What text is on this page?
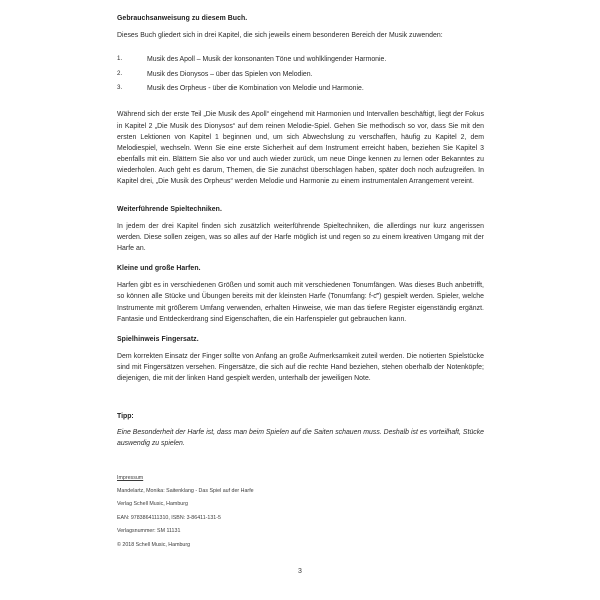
Gebrauchsanweisung zu diesem Buch.

Dieses Buch gliedert sich in drei Kapitel, die sich jeweils einem besonderen Bereich der Musik zuwenden:

1.	Musik des Apoll – Musik der konsonanten Töne und wohlklingender Harmonie.
2.	Musik des Dionysos – über das Spielen von Melodien.
3.	Musik des Orpheus - über die Kombination von Melodie und Harmonie.

Während sich der erste Teil „Die Musik des Apoll“ eingehend mit Harmonien und Intervallen beschäftigt, liegt der Fokus in Kapitel 2 „Die Musik des Dionysos“ auf dem reinen Melodie-Spiel. Gehen Sie methodisch so vor, dass Sie mit den ersten Lektionen von Kapitel 1 beginnen und, um sich Abwechslung zu verschaffen, häufig zu Kapitel 2, dem Melodiespiel, wechseln. Wenn Sie eine erste Sicherheit auf dem Instrument erreicht haben, beziehen Sie Kapitel 3 ebenfalls mit ein. Blättern Sie also vor und auch wieder zurück, um neue Dinge kennen zu lernen oder Bekanntes zu wiederholen. Auch geht es darum, Themen, die Sie zunächst überschlagen haben, später doch noch aufzugreifen. In Kapitel drei, „Die Musik des Orpheus“ werden Melodie und Harmonie zu einem instrumentalen Arrangement vereint.

Weiterführende Spieltechniken.

In jedem der drei Kapitel finden sich zusätzlich weiterführende Spieltechniken, die allerdings nur kurz angerissen werden. Diese sollen zeigen, was so alles auf der Harfe möglich ist und regen so zu einem kreativen Umgang mit der Harfe an.

Kleine und große Harfen.

Harfen gibt es in verschiedenen Größen und somit auch mit verschiedenen Tonumfängen. Was dieses Buch anbetrifft, so können alle Stücke und Übungen bereits mit der kleinsten Harfe (Tonumfang: f-c‴) gespielt werden. Spieler, welche Instrumente mit größerem Umfang verwenden, erhalten Hinweise, wie man das tiefere Register eigenständig ergänzt. Fantasie und Entdeckerdrang sind Eigenschaften, die ein Harfenspieler gut gebrauchen kann.

Spielhinweis Fingersatz.

Dem korrekten Einsatz der Finger sollte von Anfang an große Aufmerksamkeit zuteil werden. Die notierten Spielstücke sind mit Fingersätzen versehen. Fingersätze, die sich auf die rechte Hand beziehen, stehen oberhalb der Notenköpfe; diejenigen, die mit der linken Hand gespielt werden, unterhalb der jeweiligen Note.

Tipp:

Eine Besonderheit der Harfe ist, dass man beim Spielen auf die Saiten schauen muss. Deshalb ist es vorteilhaft, Stücke auswendig zu spielen.

Impressum
Mandelartz, Monika: Saitenklang - Das Spiel auf der Harfe
Verlag Schell Music, Hamburg
EAN: 9783864111310, ISBN: 3-86411-131-5
Verlagsnummer: SM 11131
© 2018 Schell Music, Hamburg
3
